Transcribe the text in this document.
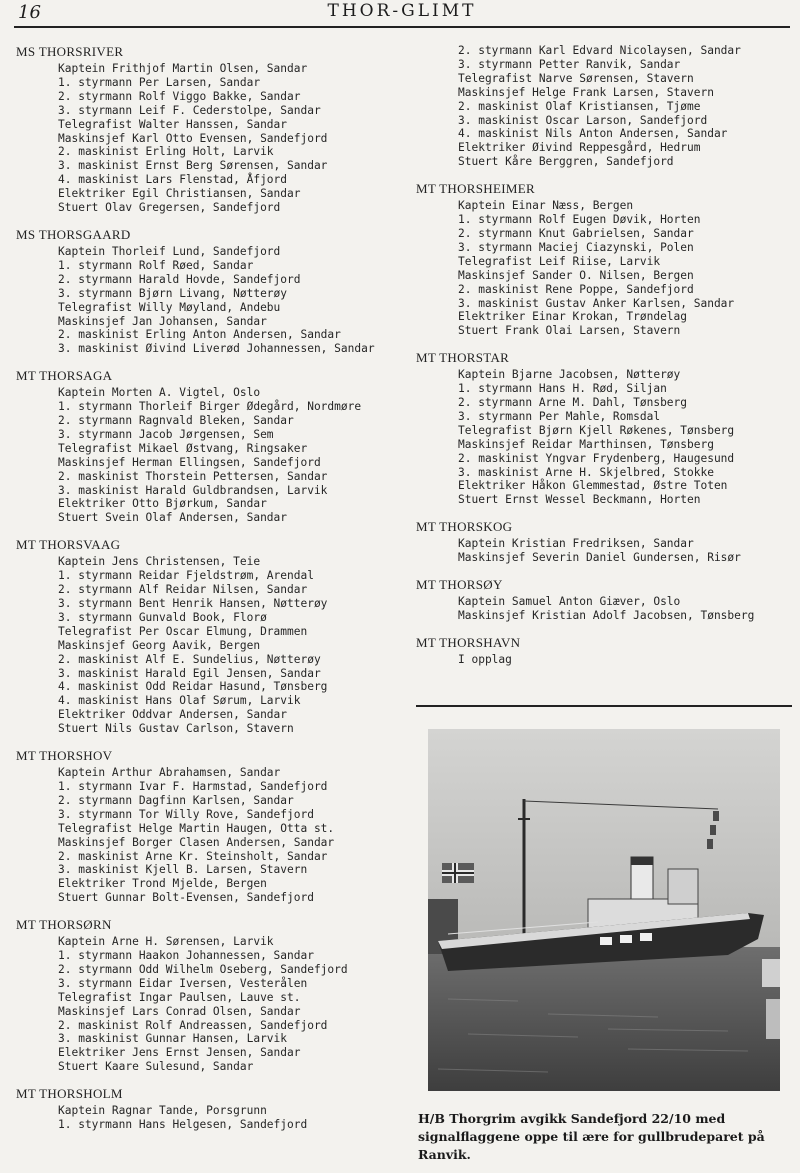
16	THOR-GLIMT
MS THORSRIVER
Kaptein Frithjof Martin Olsen, Sandar
1. styrmann Per Larsen, Sandar
2. styrmann Rolf Viggo Bakke, Sandar
3. styrmann Leif F. Cederstolpe, Sandar
Telegrafist Walter Hanssen, Sandar
Maskinsjef Karl Otto Evensen, Sandefjord
2. maskinist Erling Holt, Larvik
3. maskinist Ernst Berg Sørensen, Sandar
4. maskinist Lars Flenstad, Åfjord
Elektriker Egil Christiansen, Sandar
Stuert Olav Gregersen, Sandefjord
MS THORSGAARD
Kaptein Thorleif Lund, Sandefjord
1. styrmann Rolf Røed, Sandar
2. styrmann Harald Hovde, Sandefjord
3. styrmann Bjørn Livang, Nøtterøy
Telegrafist Willy Møyland, Andebu
Maskinsjef Jan Johansen, Sandar
2. maskinist Erling Anton Andersen, Sandar
3. maskinist Øivind Liverød Johannessen, Sandar
MT THORSAGA
Kaptein Morten A. Vigtel, Oslo
1. styrmann Thorleif Birger Ødegård, Nordmøre
2. styrmann Ragnvald Bleken, Sandar
3. styrmann Jacob Jørgensen, Sem
Telegrafist Mikael Østvang, Ringsaker
Maskinsjef Herman Ellingsen, Sandefjord
2. maskinist Thorstein Pettersen, Sandar
3. maskinist Harald Guldbrandsen, Larvik
Elektriker Otto Bjørkum, Sandar
Stuert Svein Olaf Andersen, Sandar
MT THORSVAAG
Kaptein Jens Christensen, Teie
1. styrmann Reidar Fjeldstrøm, Arendal
2. styrmann Alf Reidar Nilsen, Sandar
3. styrmann Bent Henrik Hansen, Nøtterøy
3. styrmann Gunvald Book, Florø
Telegrafist Per Oscar Elmung, Drammen
Maskinsjef Georg Aavik, Bergen
2. maskinist Alf E. Sundelius, Nøtterøy
3. maskinist Harald Egil Jensen, Sandar
4. maskinist Odd Reidar Hasund, Tønsberg
4. maskinist Hans Olaf Sørum, Larvik
Elektriker Oddvar Andersen, Sandar
Stuert Nils Gustav Carlson, Stavern
MT THORSHOV
Kaptein Arthur Abrahamsen, Sandar
1. styrmann Ivar F. Harmstad, Sandefjord
2. styrmann Dagfinn Karlsen, Sandar
3. styrmann Tor Willy Rove, Sandefjord
Telegrafist Helge Martin Haugen, Otta st.
Maskinsjef Borger Clasen Andersen, Sandar
2. maskinist Arne Kr. Steinsholt, Sandar
3. maskinist Kjell B. Larsen, Stavern
Elektriker Trond Mjelde, Bergen
Stuert Gunnar Bolt-Evensen, Sandefjord
MT THORSØRN
Kaptein Arne H. Sørensen, Larvik
1. styrmann Haakon Johannessen, Sandar
2. styrmann Odd Wilhelm Oseberg, Sandefjord
3. styrmann Eidar Iversen, Vesterålen
Telegrafist Ingar Paulsen, Lauve st.
Maskinsjef Lars Conrad Olsen, Sandar
2. maskinist Rolf Andreassen, Sandefjord
3. maskinist Gunnar Hansen, Larvik
Elektriker Jens Ernst Jensen, Sandar
Stuert Kaare Sulesund, Sandar
MT THORSHOLM
Kaptein Ragnar Tande, Porsgrunn
1. styrmann Hans Helgesen, Sandefjord
2. styrmann Karl Edvard Nicolaysen, Sandar
3. styrmann Petter Ranvik, Sandar
Telegrafist Narve Sørensen, Stavern
Maskinsjef Helge Frank Larsen, Stavern
2. maskinist Olaf Kristiansen, Tjøme
3. maskinist Oscar Larson, Sandefjord
4. maskinist Nils Anton Andersen, Sandar
Elektriker Øivind Reppesgård, Hedrum
Stuert Kåre Berggren, Sandefjord
MT THORSHEIMER
Kaptein Einar Næss, Bergen
1. styrmann Rolf Eugen Døvik, Horten
2. styrmann Knut Gabrielsen, Sandar
3. styrmann Maciej Ciazynski, Polen
Telegrafist Leif Riise, Larvik
Maskinsjef Sander O. Nilsen, Bergen
2. maskinist Rene Poppe, Sandefjord
3. maskinist Gustav Anker Karlsen, Sandar
Elektriker Einar Krokan, Trøndelag
Stuert Frank Olai Larsen, Stavern
MT THORSTAR
Kaptein Bjarne Jacobsen, Nøtterøy
1. styrmann Hans H. Rød, Siljan
2. styrmann Arne M. Dahl, Tønsberg
3. styrmann Per Mahle, Romsdal
Telegrafist Bjørn Kjell Røkenes, Tønsberg
Maskinsjef Reidar Marthinsen, Tønsberg
2. maskinist Yngvar Frydenberg, Haugesund
3. maskinist Arne H. Skjelbred, Stokke
Elektriker Håkon Glemmestad, Østre Toten
Stuert Ernst Wessel Beckmann, Horten
MT THORSKOG
Kaptein Kristian Fredriksen, Sandar
Maskinsjef Severin Daniel Gundersen, Risør
MT THORSØY
Kaptein Samuel Anton Giæver, Oslo
Maskinsjef Kristian Adolf Jacobsen, Tønsberg
MT THORSHAVN
I opplag
H/B Thorgrim avgikk Sandefjord 22/10 med signalflaggene oppe til ære for gullbrudeparet på Ranvik.
